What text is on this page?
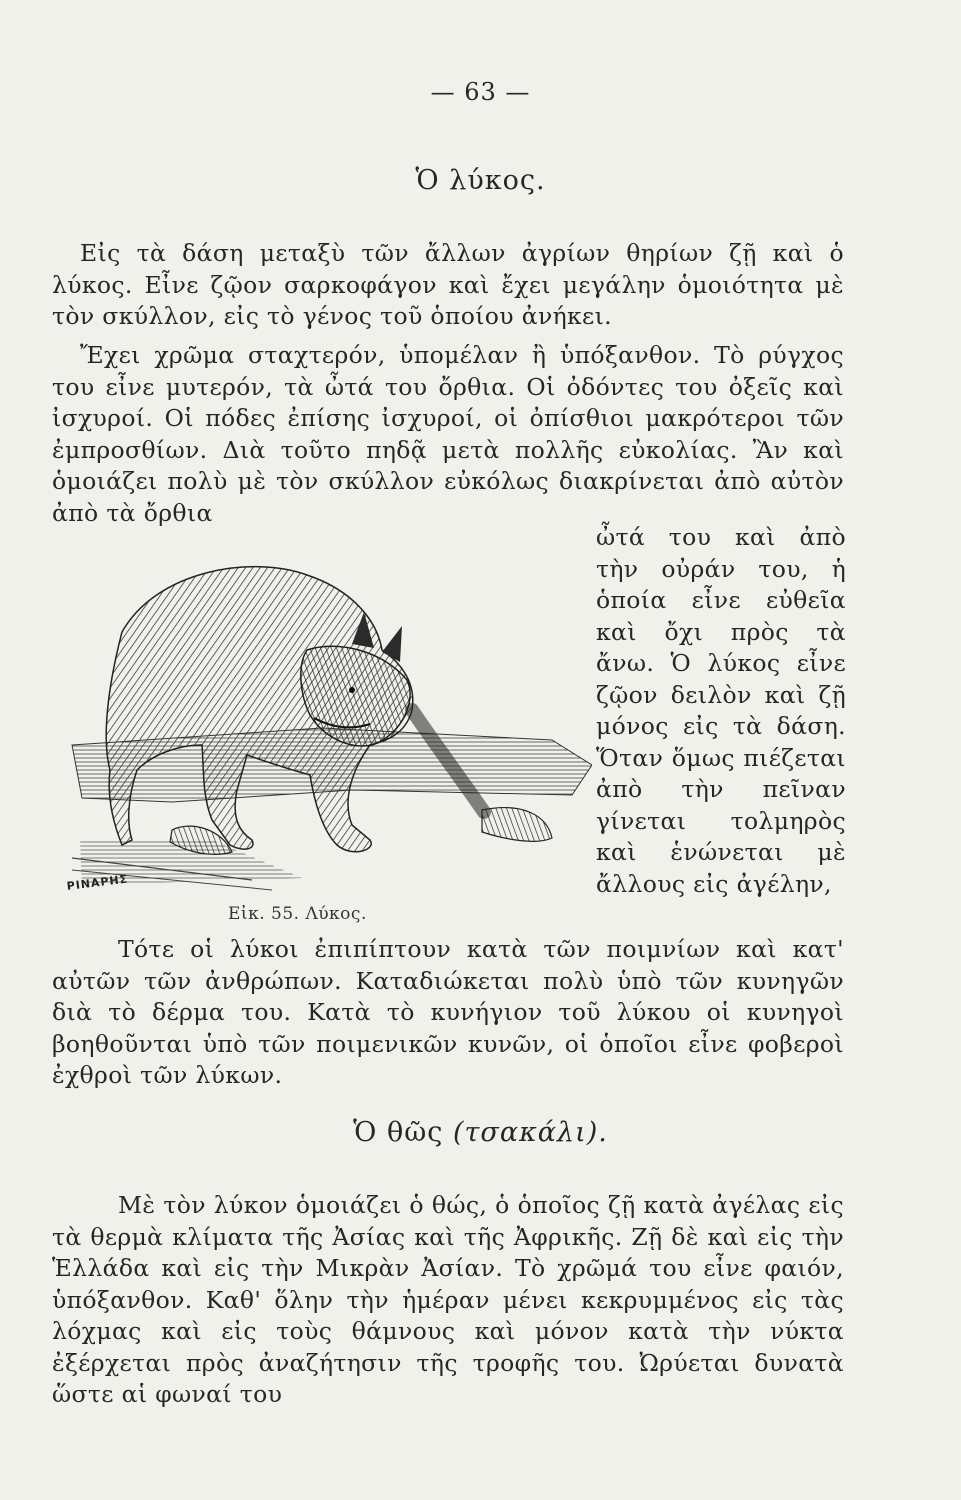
— 63 —
Ὁ λύκος.
Εἰς τὰ δάση μεταξὺ τῶν ἄλλων ἀγρίων θηρίων ζῇ καὶ ὁ λύκος. Εἶνε ζῷον σαρκοφάγον καὶ ἔχει μεγάλην ὁμοιότητα μὲ τὸν σκύλλον, εἰς τὸ γένος τοῦ ὁποίου ἀνήκει.
Ἔχει χρῶμα σταχτερόν, ὑπομέλαν ἢ ὑπόξανθον. Τὸ ρύγχος του εἶνε μυτερόν, τὰ ὦτά του ὄρθια. Οἱ ὀδόντες του ὀξεῖς καὶ ἰσχυροί. Οἱ πόδες ἐπίσης ἰσχυροί, οἱ ὀπίσθιοι μακρότεροι τῶν ἐμπροσθίων. Διὰ τοῦτο πηδᾷ μετὰ πολλῆς εὐκολίας. Ἂν καὶ ὁμοιάζει πολὺ μὲ τὸν σκύλλον εὐκόλως διακρίνεται ἀπὸ αὐτὸν ἀπὸ τὰ ὄρθια
ὦτά του καὶ ἀπὸ τὴν οὐράν του, ἡ ὁποία εἶνε εὐθεῖα καὶ ὄχι πρὸς τὰ ἄνω. Ὁ λύκος εἶνε ζῷον δειλὸν καὶ ζῇ μόνος εἰς τὰ δάση. Ὅταν ὅμως πιέζεται ἀπὸ τὴν πεῖναν γίνεται τολμηρὸς καὶ ἑνώνεται μὲ ἄλλους εἰς ἀγέλην,
PINAPHΣ
Εἰκ. 55. Λύκος.
Τότε οἱ λύκοι ἐπιπίπτουν κατὰ τῶν ποιμνίων καὶ κατ' αὐτῶν τῶν ἀνθρώπων. Καταδιώκεται πολὺ ὑπὸ τῶν κυνηγῶν διὰ τὸ δέρμα του. Κατὰ τὸ κυνήγιον τοῦ λύκου οἱ κυνηγοὶ βοηθοῦνται ὑπὸ τῶν ποιμενικῶν κυνῶν, οἱ ὁποῖοι εἶνε φοβεροὶ ἐχθροὶ τῶν λύκων.
Ὁ θῶς (τσακάλι).
Μὲ τὸν λύκον ὁμοιάζει ὁ θώς, ὁ ὁποῖος ζῇ κατὰ ἀγέλας εἰς τὰ θερμὰ κλίματα τῆς Ἀσίας καὶ τῆς Ἀφρικῆς. Ζῇ δὲ καὶ εἰς τὴν Ἑλλάδα καὶ εἰς τὴν Μικρὰν Ἀσίαν. Τὸ χρῶμά του εἶνε φαιόν, ὑπόξανθον. Καθ' ὅλην τὴν ἡμέραν μένει κεκρυμμένος εἰς τὰς λόχμας καὶ εἰς τοὺς θάμνους καὶ μόνον κατὰ τὴν νύκτα ἐξέρχεται πρὸς ἀναζήτησιν τῆς τροφῆς του. Ὠρύεται δυνατὰ ὥστε αἱ φωναί του
